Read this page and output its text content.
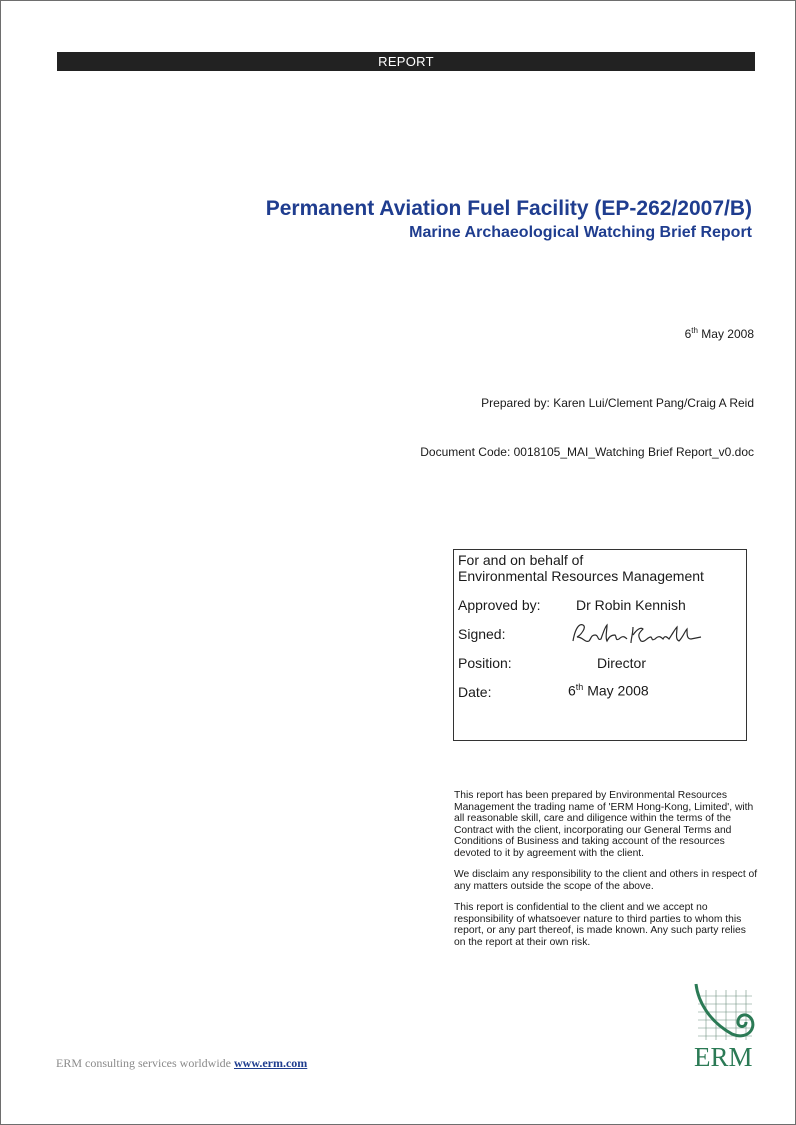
REPORT
Permanent Aviation Fuel Facility (EP-262/2007/B)
Marine Archaeological Watching Brief Report
6th May 2008
Prepared by: Karen Lui/Clement Pang/Craig A Reid
Document Code: 0018105_MAI_Watching Brief Report_v0.doc
For and on behalf of
Environmental Resources Management
Approved by:	Dr Robin Kennish
Signed:
Position:	Director
Date:	6th May 2008

This report has been prepared by Environmental Resources Management the trading name of 'ERM Hong-Kong, Limited', with all reasonable skill, care and diligence within the terms of the Contract with the client, incorporating our General Terms and Conditions of Business and taking account of the resources devoted to it by agreement with the client.

We disclaim any responsibility to the client and others in respect of any matters outside the scope of the above.

This report is confidential to the client and we accept no responsibility of whatsoever nature to third parties to whom this report, or any part thereof, is made known. Any such party relies on the report at their own risk.

ERM consulting services worldwide www.erm.com	ERM
